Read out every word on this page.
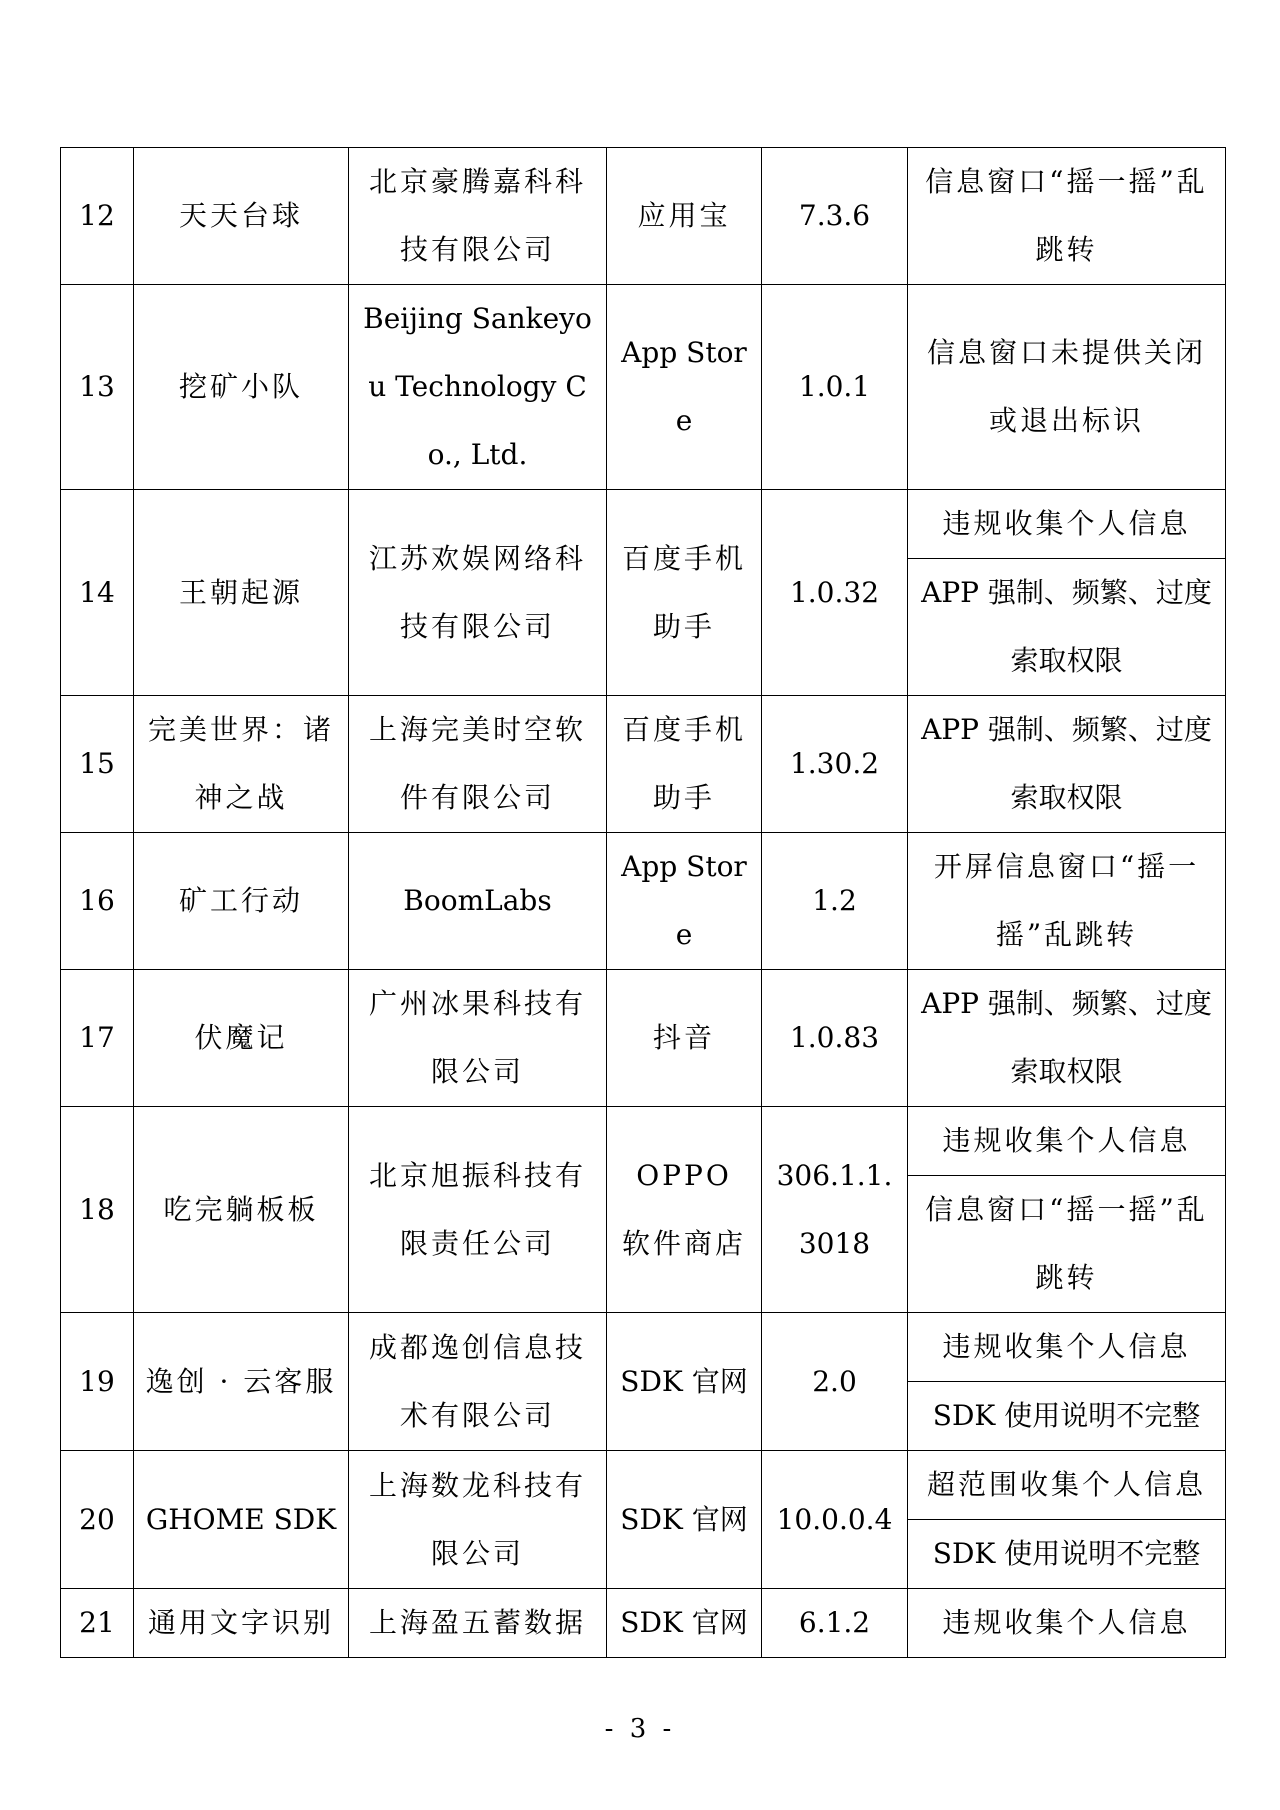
12	天天台球	北京豪腾嘉科科技有限公司	应用宝	7.3.6	信息窗口“摇一摇”乱跳转
13	挖矿小队	Beijing Sankeyou Technology Co., Ltd.	App Store	1.0.1	信息窗口未提供关闭或退出标识
14	王朝起源	江苏欢娱网络科技有限公司	百度手机助手	1.0.32	违规收集个人信息
					APP 强制、频繁、过度索取权限
15	完美世界：诸神之战	上海完美时空软件有限公司	百度手机助手	1.30.2	APP 强制、频繁、过度索取权限
16	矿工行动	BoomLabs	App Store	1.2	开屏信息窗口“摇一摇”乱跳转
17	伏魔记	广州冰果科技有限公司	抖音	1.0.83	APP 强制、频繁、过度索取权限
18	吃完躺板板	北京旭振科技有限责任公司	OPPO 软件商店	306.1.1.3018	违规收集个人信息
					信息窗口“摇一摇”乱跳转
19	逸创 · 云客服	成都逸创信息技术有限公司	SDK 官网	2.0	违规收集个人信息
					SDK 使用说明不完整
20	GHOME SDK	上海数龙科技有限公司	SDK 官网	10.0.0.4	超范围收集个人信息
					SDK 使用说明不完整
21	通用文字识别	上海盈五蓄数据	SDK 官网	6.1.2	违规收集个人信息
- 3 -
